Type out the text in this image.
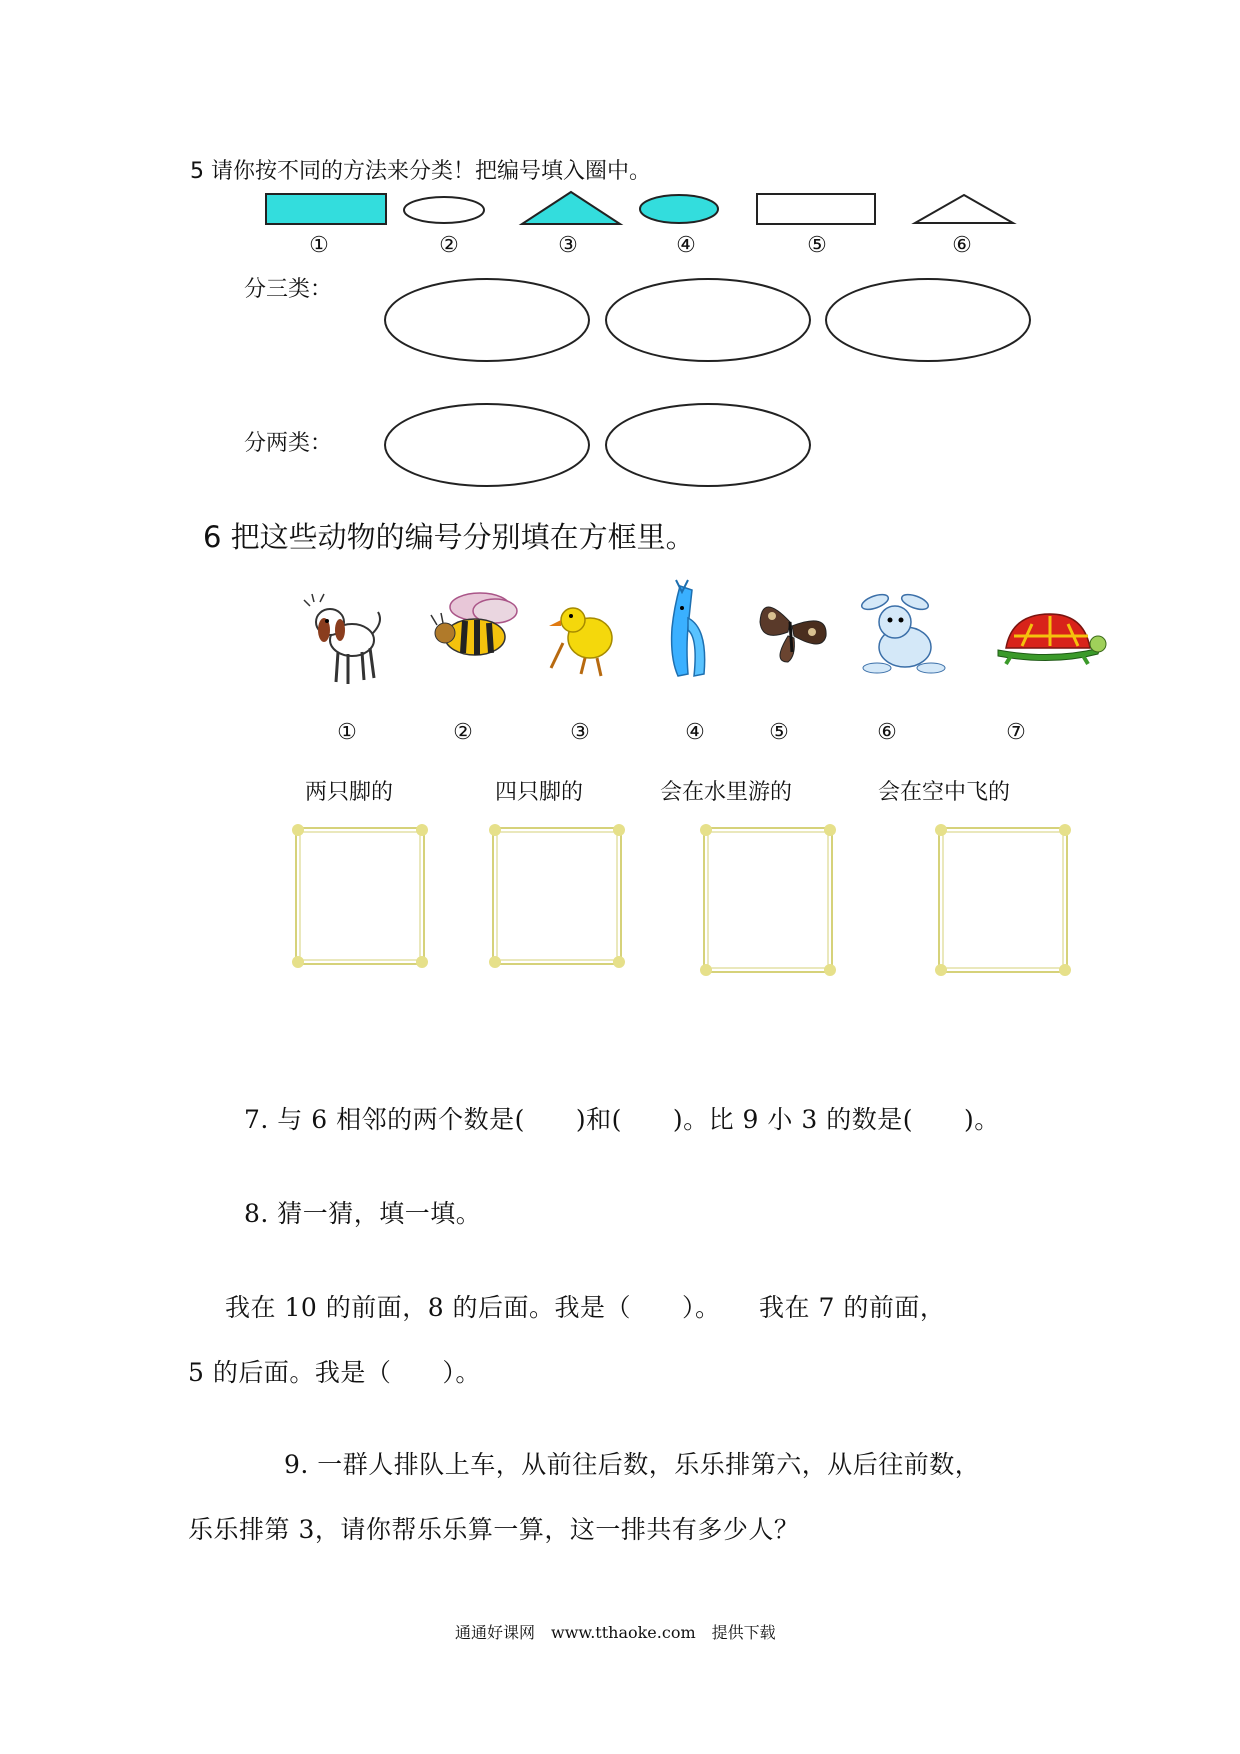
5 请你按不同的方法来分类！把编号填入圈中。
①	②	③	④	⑤	⑥
分三类：
分两类：
6 把这些动物的编号分别填在方框里。
①	②	③	④	⑤	⑥	⑦
两只脚的	四只脚的	会在水里游的	会在空中飞的
7. 与 6 相邻的两个数是(　　)和(　　)。比 9 小 3 的数是(　　)。
8. 猜一猜，填一填。
我在 10 的前面，8 的后面。我是（　　）。　　我在 7 的前面，
5 的后面。我是（　　）。
9. 一群人排队上车，从前往后数，乐乐排第六，从后往前数，
乐乐排第 3，请你帮乐乐算一算，这一排共有多少人？
通通好课网　www.tthaoke.com　提供下载
